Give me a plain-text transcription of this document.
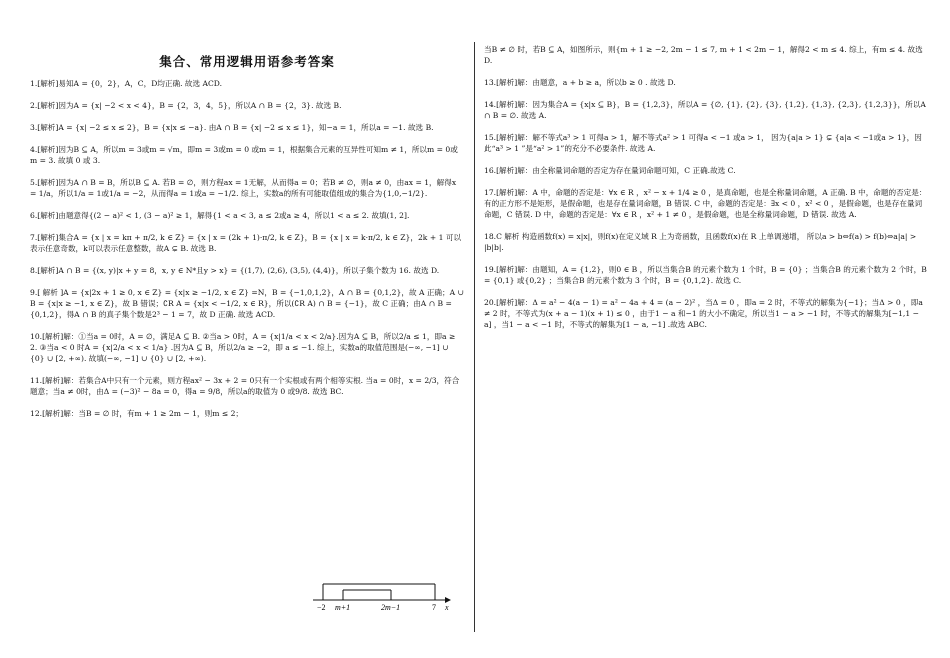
集合、常用逻辑用语参考答案
1.[解析]易知A = {0，2}，A，C，D均正确. 故选 ACD.
2.[解析]因为A = {x| −2 < x < 4}，B = {2，3，4，5}，所以A ∩ B = {2，3}. 故选 B.
3.[解析]A = {x| −2 ≤ x ≤ 2}，B = {x|x ≤ −a}. 由A ∩ B = {x| −2 ≤ x ≤ 1}，知−a = 1，所以a = −1. 故选 B.
4.[解析]因为B ⊆ A，所以m = 3或m = √m，即m = 3或m = 0 或m = 1，根据集合元素的互异性可知m ≠ 1，所以m = 0或m = 3. 故填 0 或 3.
5.[解析]因为A ∩ B = B，所以B ⊆ A. 若B = ∅，则方程ax = 1无解，从而得a = 0；若B ≠ ∅，则a ≠ 0，由ax = 1，解得x = 1/a，所以1/a = 1或1/a = −2，从而得a = 1或a = −1/2. 综上，实数a的所有可能取值组成的集合为{1,0,−1/2}.
6.[解析]由题意得{(2 − a)² < 1, (3 − a)² ≥ 1，解得{1 < a < 3, a ≤ 2或a ≥ 4，所以1 < a ≤ 2. 故填(1, 2].
7.[解析]集合A = {x | x = kπ + π/2, k ∈ Z} = {x | x = (2k + 1)·π/2, k ∈ Z}，B = {x | x = k·π/2, k ∈ Z}，2k + 1 可以表示任意奇数，k可以表示任意整数，故A ⊊ B. 故选 B.
8.[解析]A ∩ B = {(x, y)|x + y = 8，x, y ∈ N*且y > x} = {(1,7), (2,6), (3,5), (4,4)}，所以子集个数为 16. 故选 D.
9.[ 解析 ]A = {x|2x + 1 ≥ 0, x ∈ Z} = {x|x ≥ −1/2, x ∈ Z} =N，B = {−1,0,1,2}，A ∩ B = {0,1,2}，故 A 正确；A ∪ B = {x|x ≥ −1, x ∈ Z}，故 B 错误；∁R A = {x|x < −1/2, x ∈ R}，所以(∁R A) ∩ B = {−1}，故 C 正确；由A ∩ B = {0,1,2}，得A ∩ B 的真子集个数是2³ − 1 = 7，故 D 正确. 故选 ACD.
10.[解析]解：①当a = 0时，A = ∅，满足A ⊆ B. ②当a > 0时，A = {x|1/a < x < 2/a}.因为A ⊆ B，所以2/a ≤ 1，即a ≥ 2. ③当a < 0 时A = {x|2/a < x < 1/a} .因为A ⊆ B，所以2/a ≥ −2，即 a ≤ −1. 综上，实数a的取值范围是(−∞, −1] ∪ {0} ∪ [2, +∞). 故填(−∞, −1] ∪ {0} ∪ [2, +∞).
11.[解析]解：若集合A中只有一个元素，则方程ax² − 3x + 2 = 0只有一个实根或有两个相等实根. 当a = 0时，x = 2/3，符合题意；当a ≠ 0时，由Δ = (−3)² − 8a = 0，得a = 9/8，所以a的取值为 0 或9/8. 故选 BC.
12.[解析]解：当B = ∅ 时，有m + 1 ≥ 2m − 1，则m ≤ 2；
−2 m+1	2m−1	7 x
当B ≠ ∅ 时，若B ⊆ A，如图所示，则{m + 1 ≥ −2, 2m − 1 ≤ 7, m + 1 < 2m − 1，解得2 < m ≤ 4. 综上，有m ≤ 4. 故选 D.
13.[解析]解：由题意，a + b ≥ a，所以b ≥ 0 . 故选 D.
14.[解析]解：因为集合A = {x|x ⊆ B}，B = {1,2,3}，所以A = {∅, {1}, {2}, {3}, {1,2}, {1,3}, {2,3}, {1,2,3}}，所以A ∩ B = ∅. 故选 A.
15.[解析]解：解不等式a³ > 1 可得a > 1，解不等式a² > 1 可得a < −1 或a > 1， 因为{a|a > 1} ⊊ {a|a < −1或a > 1}，因此“a³ > 1 ”是“a² > 1”的充分不必要条件. 故选 A.
16.[解析]解：由全称量词命题的否定为存在量词命题可知，C 正确.故选 C.
17.[解析]解：A 中，命题的否定是：∀x ∈ R ，x² − x + 1/4 ≥ 0 ，是真命题，也是全称量词命题，A 正确. B 中，命题的否定是：有的正方形不是矩形，是假命题，也是存在量词命题，B 错误. C 中，命题的否定是：∃x < 0 ，x² < 0 ，是假命题，也是存在量词命题，C 错误. D 中，命题的否定是：∀x ∈ R ，x² + 1 ≠ 0 ，是假命题，也是全称量词命题，D 错误. 故选 A.
18.C 解析 构造函数f(x) = x|x|，则f(x)在定义域 R 上为奇函数，且函数f(x)在 R 上单调递增， 所以a > b⇔f(a) > f(b)⇔a|a| > |b|b|.
19.[解析]解：由题知，A = {1,2}，则0 ∈ B ，所以当集合B 的元素个数为 1 个时，B = {0} ；当集合B 的元素个数为 2 个时，B = {0,1} 或{0,2} ；当集合B 的元素个数为 3 个时，B = {0,1,2}. 故选 C.
20.[解析]解：Δ = a² − 4(a − 1) = a² − 4a + 4 = (a − 2)² ，当Δ = 0 ，即a = 2 时，不等式的解集为{−1}；当Δ > 0 ，即a ≠ 2 时，不等式为(x + a − 1)(x + 1) ≤ 0 ，由于1 − a 和−1 的大小不确定，所以当1 − a > −1 时，不等式的解集为[−1,1 − a] ，当1 − a < −1 时，不等式的解集为[1 − a, −1] .故选 ABC.
